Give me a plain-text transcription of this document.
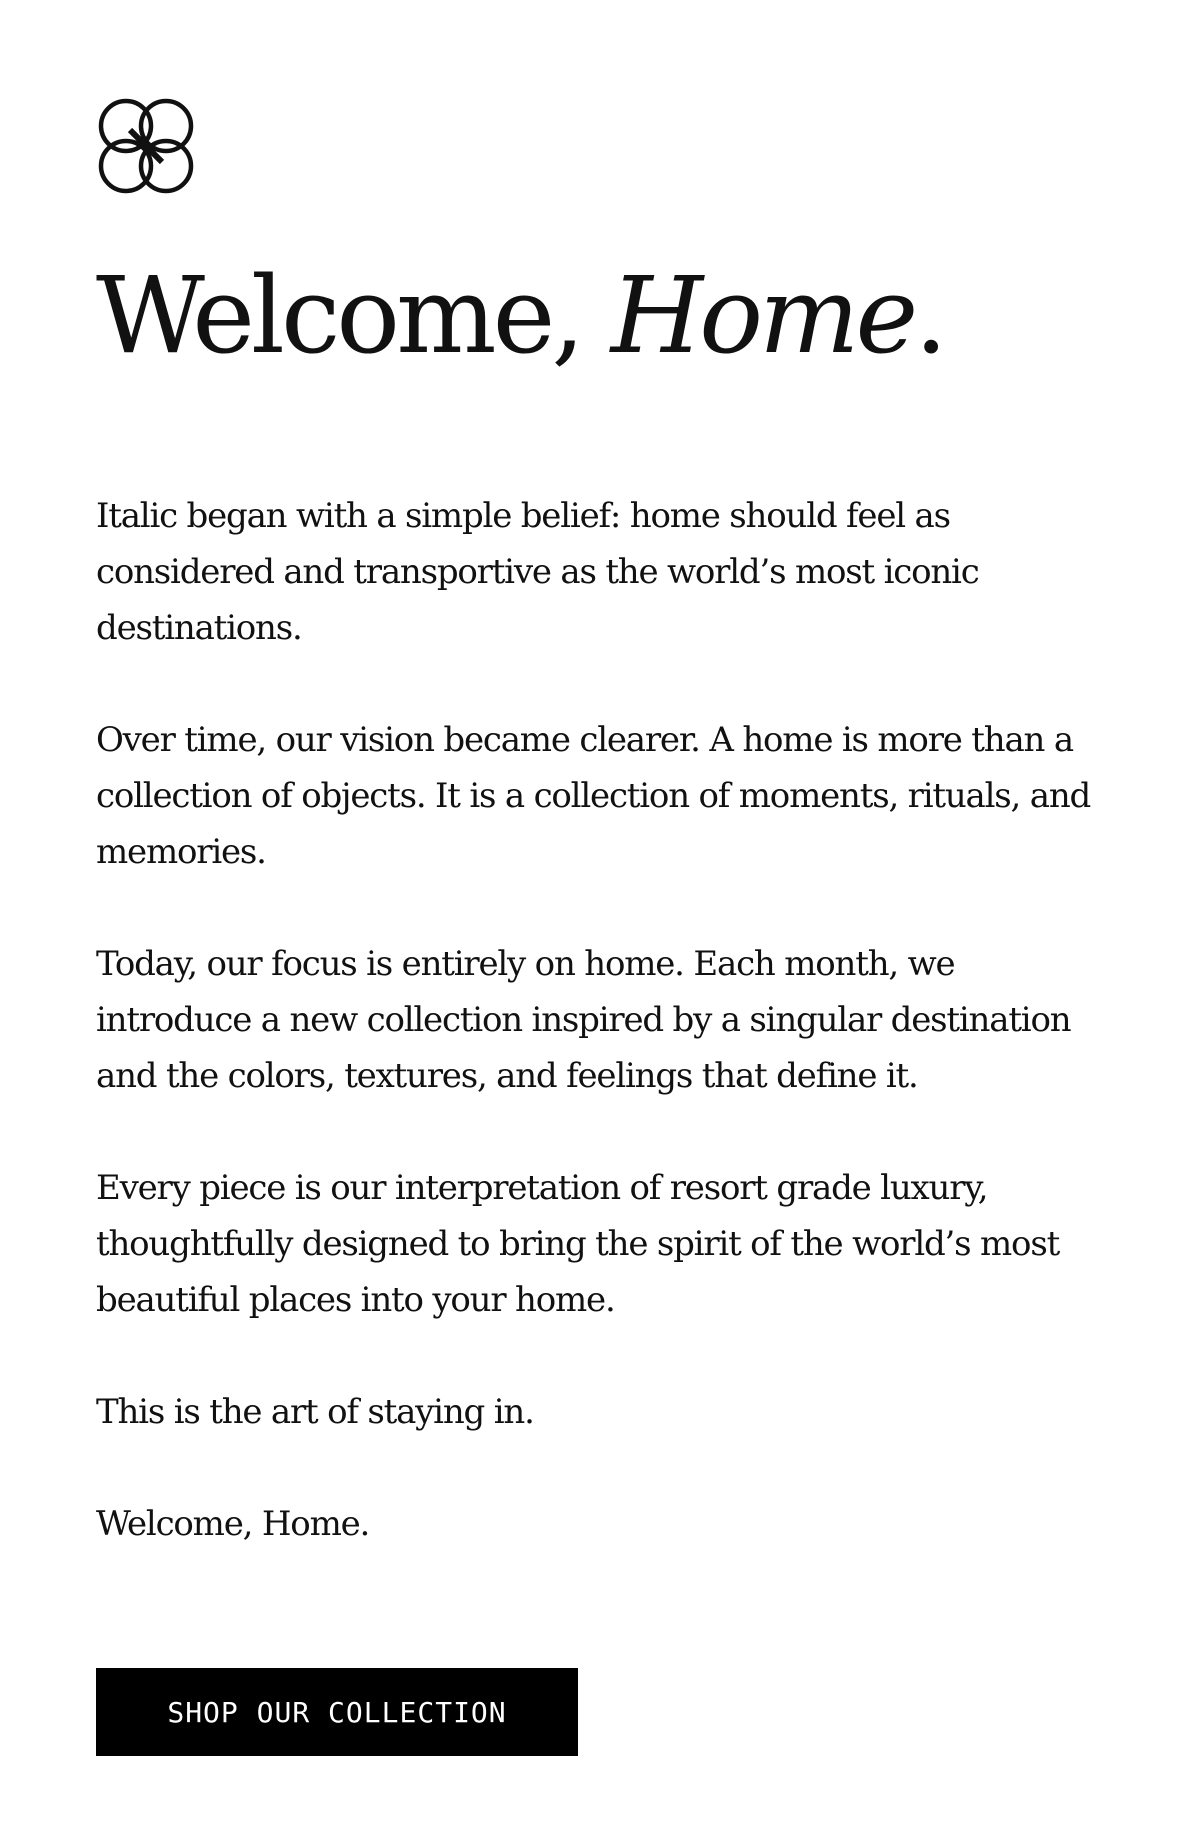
Welcome, Home.

Italic began with a simple belief: home should feel as considered and transportive as the world’s most iconic destinations.

Over time, our vision became clearer. A home is more than a collection of objects. It is a collection of moments, rituals, and memories.

Today, our focus is entirely on home. Each month, we introduce a new collection inspired by a singular destination and the colors, textures, and feelings that define it.

Every piece is our interpretation of resort grade luxury, thoughtfully designed to bring the spirit of the world’s most beautiful places into your home.

This is the art of staying in.

Welcome, Home.

SHOP OUR COLLECTION
